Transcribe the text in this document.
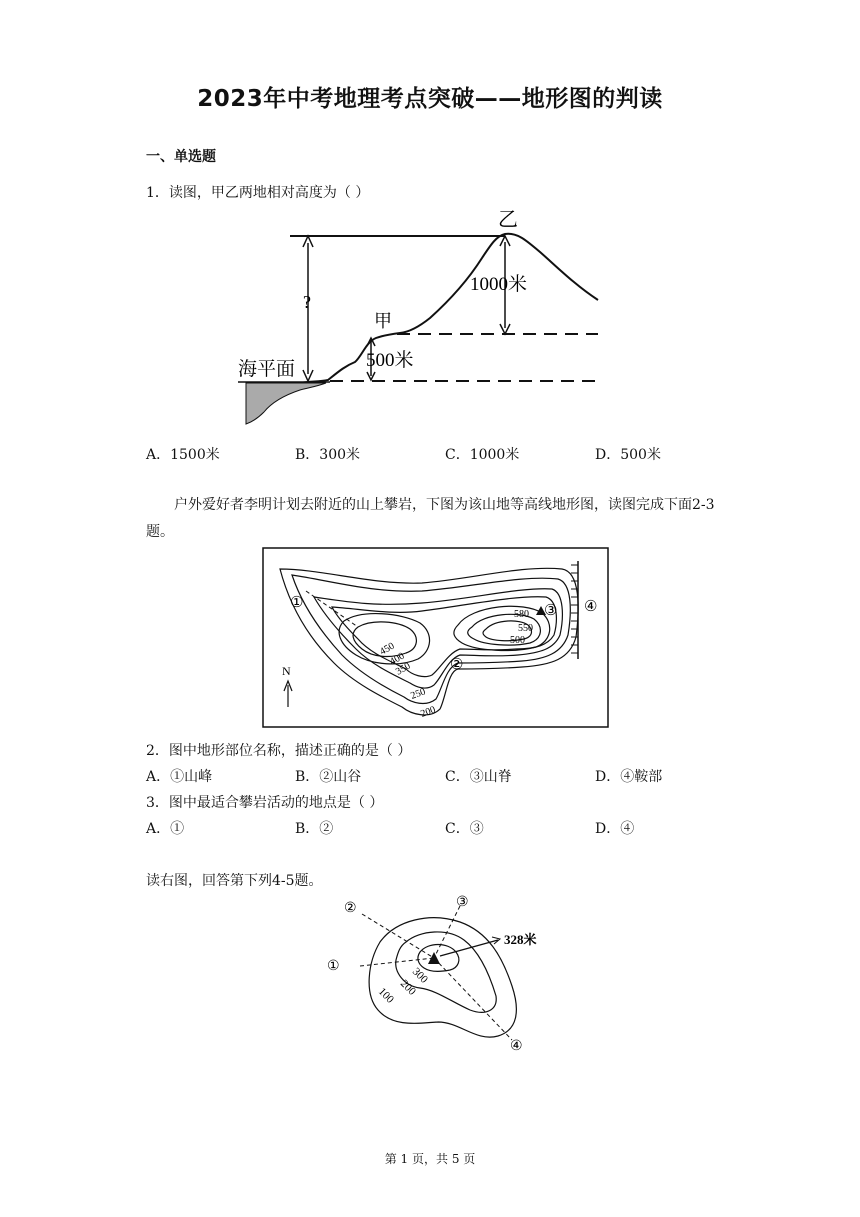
2023年中考地理考点突破——地形图的判读
一、单选题
1．读图，甲乙两地相对高度为（ ）
乙
甲
?
1000米
500米
海平面
A．1500米	B．300米	C．1000米	D．500米
户外爱好者李明计划去附近的山上攀岩，下图为该山地等高线地形图，读图完成下面2-3题。
N
①
②
③ ④
580
550
500
450
400
350
250
200
2．图中地形部位名称，描述正确的是（ ）
A．①山峰	B．②山谷	C．③山脊	D．④鞍部
3．图中最适合攀岩活动的地点是（ ）
A．①	B．②	C．③	D．④
读右图，回答第下列4-5题。
①
②	③
④
328米
300
200
100
第 1 页，共 5 页
